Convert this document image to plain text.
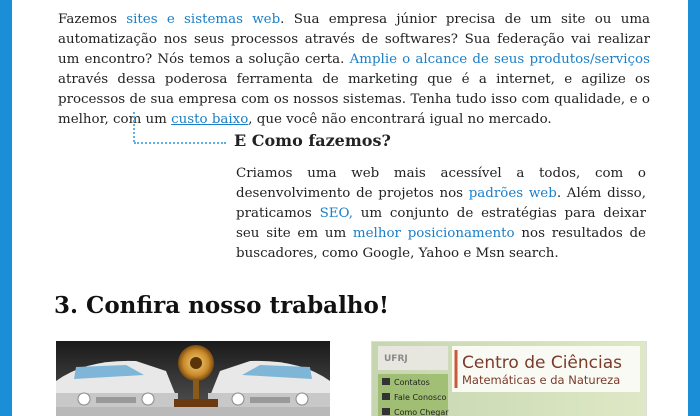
Fazemos sites e sistemas web. Sua empresa júnior precisa de um site ou uma automatização nos seus processos através de softwares? Sua federação vai realizar um encontro? Nós temos a solução certa. Amplie o alcance de seus produtos/serviços através dessa poderosa ferramenta de marketing que é a internet, e agilize os processos de sua empresa com os nossos sistemas. Tenha tudo isso com qualidade, e o melhor, com um custo baixo, que você não encontrará igual no mercado.

E Como fazemos?

Criamos uma web mais acessível a todos, com o desenvolvimento de projetos nos padrões web. Além disso, praticamos SEO, um conjunto de estratégias para deixar seu site em um melhor posicionamento nos resultados de buscadores, como Google, Yahoo e Msn search.

3. Confira nosso trabalho!
UFRJ	Centro de Ciências
Matemáticas e da Natureza
Contatos
Fale Conosco
Como Chegar
